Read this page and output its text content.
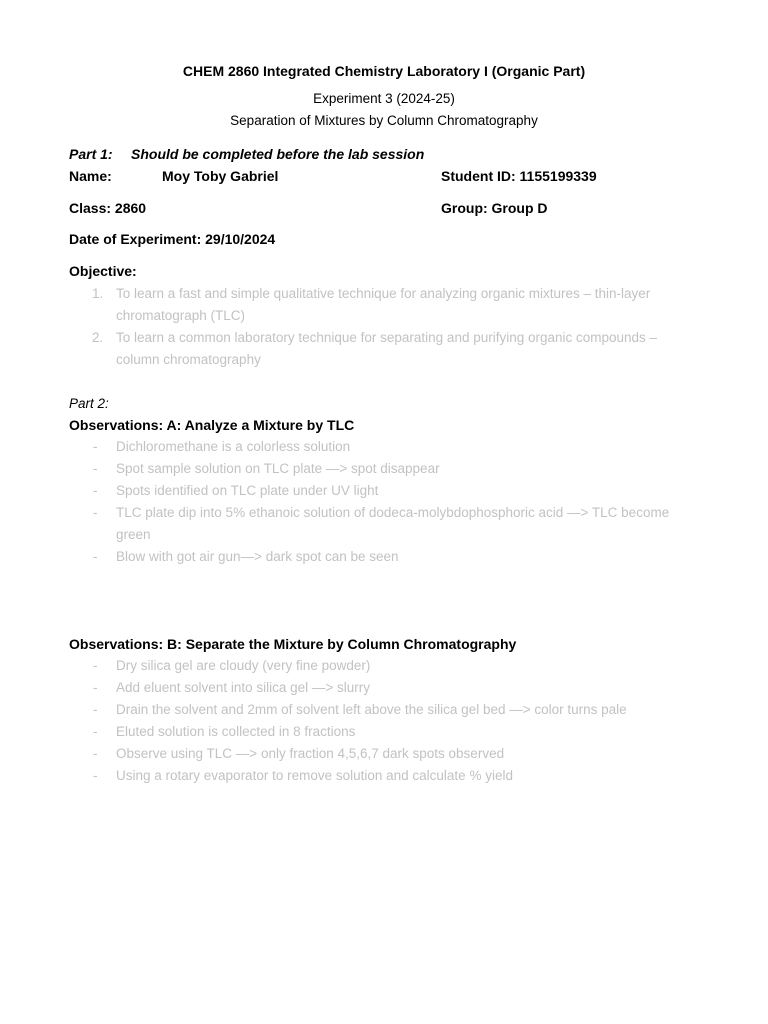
CHEM 2860 Integrated Chemistry Laboratory I (Organic Part)
Experiment 3 (2024-25)
Separation of Mixtures by Column Chromatography
Part 1: Should be completed before the lab session
Name:	Moy Toby Gabriel	Student ID: 1155199339
Class: 2860	Group: Group D
Date of Experiment: 29/10/2024
Objective:
1. To learn a fast and simple qualitative technique for analyzing organic mixtures – thin-layer
chromatograph (TLC)
2. To learn a common laboratory technique for separating and purifying organic compounds –
column chromatography
Part 2:
Observations: A: Analyze a Mixture by TLC
- Dichloromethane is a colorless solution
- Spot sample solution on TLC plate —> spot disappear
- Spots identified on TLC plate under UV light
- TLC plate dip into 5% ethanoic solution of dodeca-molybdophosphoric acid —> TLC become
green
- Blow with got air gun—> dark spot can be seen
Observations: B: Separate the Mixture by Column Chromatography
- Dry silica gel are cloudy (very fine powder)
- Add eluent solvent into silica gel —> slurry
- Drain the solvent and 2mm of solvent left above the silica gel bed —> color turns pale
- Eluted solution is collected in 8 fractions
- Observe using TLC —> only fraction 4,5,6,7 dark spots observed
- Using a rotary evaporator to remove solution and calculate % yield
